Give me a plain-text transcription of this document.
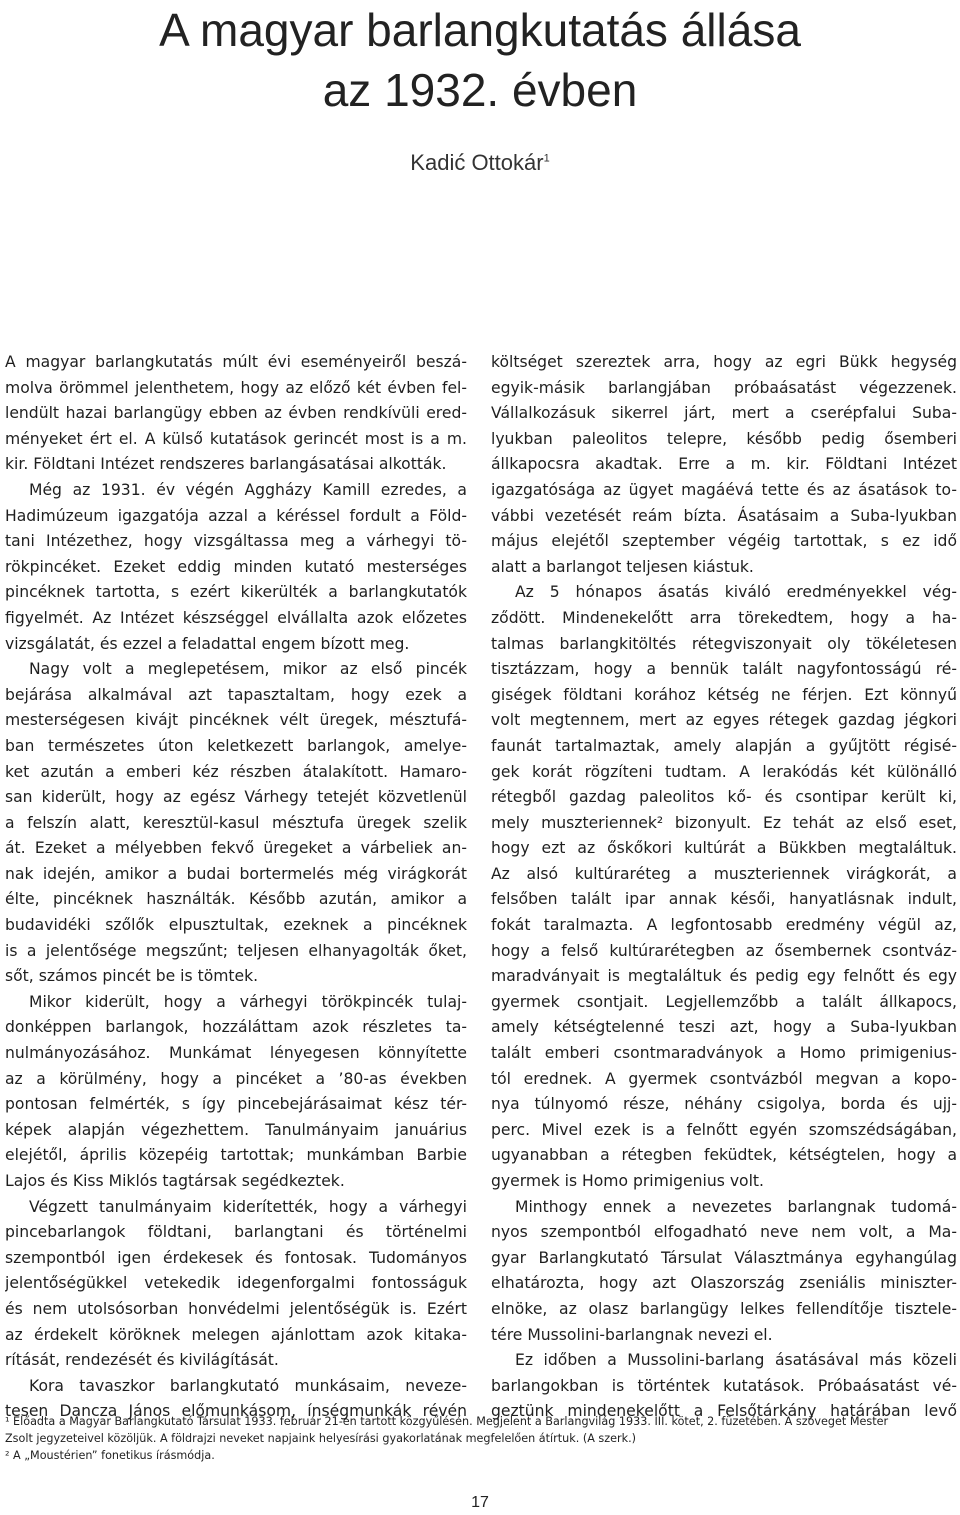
A magyar barlangkutatás állása
az 1932. évben
Kadić Ottokár$^1$
A magyar barlangkutatás múlt évi eseményeiről beszá-
molva örömmel jelenthetem, hogy az előző két évben fel-
lendült hazai barlangügy ebben az évben rendkívüli ered-
ményeket ért el. A külső kutatások gerincét most is a m.
kir. Földtani Intézet rendszeres barlangásatásai alkották.
Még az 1931. év végén Aggházy Kamill ezredes, a
Hadimúzeum igazgatója azzal a kéréssel fordult a Föld-
tani Intézethez, hogy vizsgáltassa meg a várhegyi tö-
rökpincéket. Ezeket eddig minden kutató mesterséges
pincéknek tartotta, s ezért kikerülték a barlangkutatók
figyelmét. Az Intézet készséggel elvállalta azok előzetes
vizsgálatát, és ezzel a feladattal engem bízott meg.
Nagy volt a meglepetésem, mikor az első pincék
bejárása alkalmával azt tapasztaltam, hogy ezek a
mesterségesen kivájt pincéknek vélt üregek, mésztufá-
ban természetes úton keletkezett barlangok, amelye-
ket azután a emberi kéz részben átalakított. Hamaro-
san kiderült, hogy az egész Várhegy tetejét közvetlenül
a felszín alatt, keresztül-kasul mésztufa üregek szelik
át. Ezeket a mélyebben fekvő üregeket a várbeliek an-
nak idején, amikor a budai bortermelés még virágkorát
élte, pincéknek használták. Később azután, amikor a
budavidéki szőlők elpusztultak, ezeknek a pincéknek
is a jelentősége megszűnt; teljesen elhanyagolták őket,
sőt, számos pincét be is tömtek.
Mikor kiderült, hogy a várhegyi törökpincék tulaj-
donképpen barlangok, hozzáláttam azok részletes ta-
nulmányozásához. Munkámat lényegesen könnyítette
az a körülmény, hogy a pincéket a ’80-as években
pontosan felmérték, s így pincebejárásaimat kész tér-
képek alapján végezhettem. Tanulmányaim januárius
elejétől, április közepéig tartottak; munkámban Barbie
Lajos és Kiss Miklós tagtársak segédkeztek.
Végzett tanulmányaim kiderítették, hogy a várhegyi
pincebarlangok földtani, barlangtani és történelmi
szempontból igen érdekesek és fontosak. Tudományos
jelentőségükkel vetekedik idegenforgalmi fontosságuk
és nem utolsósorban honvédelmi jelentőségük is. Ezért
az érdekelt köröknek melegen ajánlottam azok kitaka-
rítását, rendezését és kivilágítását.
Kora tavaszkor barlangkutató munkásaim, neveze-
tesen Dancza János előmunkásom, ínségmunkák révén
költséget szereztek arra, hogy az egri Bükk hegység
egyik-másik barlangjában próbaásatást végezzenek.
Vállalkozásuk sikerrel járt, mert a cserépfalui Suba-
lyukban paleolitos telepre, később pedig ősemberi
állkapocsra akadtak. Erre a m. kir. Földtani Intézet
igazgatósága az ügyet magáévá tette és az ásatások to-
vábbi vezetését reám bízta. Ásatásaim a Suba-lyukban
május elejétől szeptember végéig tartottak, s ez idő
alatt a barlangot teljesen kiástuk.
Az 5 hónapos ásatás kiváló eredményekkel vég-
ződött. Mindenekelőtt arra törekedtem, hogy a ha-
talmas barlangkitöltés rétegviszonyait oly tökéletesen
tisztázzam, hogy a bennük talált nagyfontosságú ré-
giségek földtani korához kétség ne férjen. Ezt könnyű
volt megtennem, mert az egyes rétegek gazdag jégkori
faunát tartalmaztak, amely alapján a gyűjtött régisé-
gek korát rögzíteni tudtam. A lerakódás két különálló
rétegből gazdag paleolitos kő- és csontipar került ki,
mely muszteriennek² bizonyult. Ez tehát az első eset,
hogy ezt az őskőkori kultúrát a Bükkben megtaláltuk.
Az alsó kultúraréteg a muszteriennek virágkorát, a
felsőben talált ipar annak késői, hanyatlásnak indult,
fokát taralmazta. A legfontosabb eredmény végül az,
hogy a felső kultúrarétegben az ősembernek csontváz-
maradványait is megtaláltuk és pedig egy felnőtt és egy
gyermek csontjait. Legjellemzőbb a talált állkapocs,
amely kétségtelenné teszi azt, hogy a Suba-lyukban
talált emberi csontmaradványok a Homo primigenius-
tól erednek. A gyermek csontvázból megvan a kopo-
nya túlnyomó része, néhány csigolya, borda és ujj-
perc. Mivel ezek is a felnőtt egyén szomszédságában,
ugyanabban a rétegben feküdtek, kétségtelen, hogy a
gyermek is Homo primigenius volt.
Minthogy ennek a nevezetes barlangnak tudomá-
nyos szempontból elfogadható neve nem volt, a Ma-
gyar Barlangkutató Társulat Választmánya egyhangúlag
elhatározta, hogy azt Olaszország zseniális miniszter-
elnöke, az olasz barlangügy lelkes fellendítője tisztele-
tére Mussolini-barlangnak nevezi el.
Ez időben a Mussolini-barlang ásatásával más közeli
barlangokban is történtek kutatások. Próbaásatást vé-
geztünk mindenekelőtt a Felsőtárkány határában levő
¹ Előadta a Magyar Barlangkutató Társulat 1933. február 21-én tartott közgyűlésén. Megjelent a Barlangvilág 1933. III. kötet, 2. füzetében. A szöveget Mester
Zsolt jegyzeteivel közöljük. A földrajzi neveket napjaink helyesírási gyakorlatának megfelelően átírtuk. (A szerk.)
² A „Moustérien” fonetikus írásmódja.
17
